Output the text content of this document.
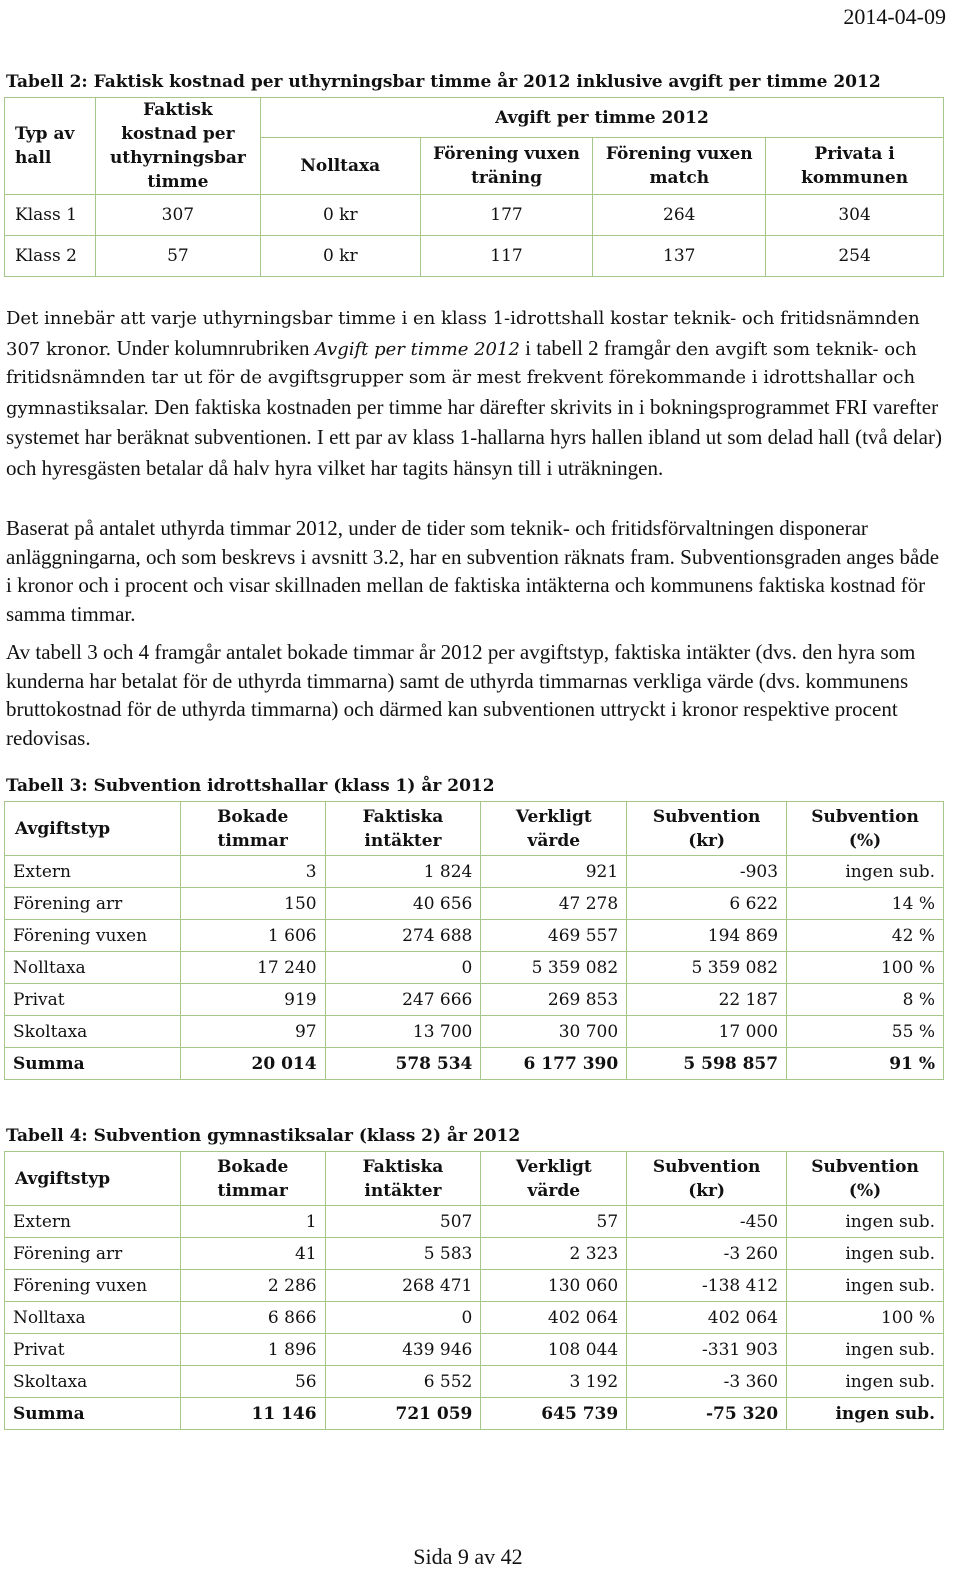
2014-04-09
Tabell 2: Faktisk kostnad per uthyrningsbar timme år 2012 inklusive avgift per timme 2012
Typ av hall	Faktisk kostnad per uthyrningsbar timme	Avgift per timme 2012			
		Nolltaxa	Förening vuxen träning	Förening vuxen match	Privata i kommunen
Klass 1	307	0 kr	177	264	304
Klass 2	57	0 kr	117	137	254

Det innebär att varje uthyrningsbar timme i en klass 1-idrottshall kostar teknik- och fritidsnämnden 307 kronor. Under kolumnrubriken Avgift per timme 2012 i tabell 2 framgår den avgift som teknik- och fritidsnämnden tar ut för de avgiftsgrupper som är mest frekvent förekommande i idrottshallar och gymnastiksalar. Den faktiska kostnaden per timme har därefter skrivits in i bokningsprogrammet FRI varefter systemet har beräknat subventionen. I ett par av klass 1-hallarna hyrs hallen ibland ut som delad hall (två delar) och hyresgästen betalar då halv hyra vilket har tagits hänsyn till i uträkningen.

Baserat på antalet uthyrda timmar 2012, under de tider som teknik- och fritidsförvaltningen disponerar anläggningarna, och som beskrevs i avsnitt 3.2, har en subvention räknats fram. Subventionsgraden anges både i kronor och i procent och visar skillnaden mellan de faktiska intäkterna och kommunens faktiska kostnad för samma timmar.

Av tabell 3 och 4 framgår antalet bokade timmar år 2012 per avgiftstyp, faktiska intäkter (dvs. den hyra som kunderna har betalat för de uthyrda timmarna) samt de uthyrda timmarnas verkliga värde (dvs. kommunens bruttokostnad för de uthyrda timmarna) och därmed kan subventionen uttryckt i kronor respektive procent redovisas.

Tabell 3: Subvention idrottshallar (klass 1) år 2012
Avgiftstyp	Bokade timmar	Faktiska intäkter	Verkligt värde	Subvention (kr)	Subvention (%)
Extern	3	1 824	921	-903	ingen sub.
Förening arr	150	40 656	47 278	6 622	14 %
Förening vuxen	1 606	274 688	469 557	194 869	42 %
Nolltaxa	17 240	0	5 359 082	5 359 082	100 %
Privat	919	247 666	269 853	22 187	8 %
Skoltaxa	97	13 700	30 700	17 000	55 %
Summa	20 014	578 534	6 177 390	5 598 857	91 %
Tabell 4: Subvention gymnastiksalar (klass 2) år 2012
Avgiftstyp	Bokade timmar	Faktiska intäkter	Verkligt värde	Subvention (kr)	Subvention (%)
Extern	1	507	57	-450	ingen sub.
Förening arr	41	5 583	2 323	-3 260	ingen sub.
Förening vuxen	2 286	268 471	130 060	-138 412	ingen sub.
Nolltaxa	6 866	0	402 064	402 064	100 %
Privat	1 896	439 946	108 044	-331 903	ingen sub.
Skoltaxa	56	6 552	3 192	-3 360	ingen sub.
Summa	11 146	721 059	645 739	-75 320	ingen sub.
Sida 9 av 42
